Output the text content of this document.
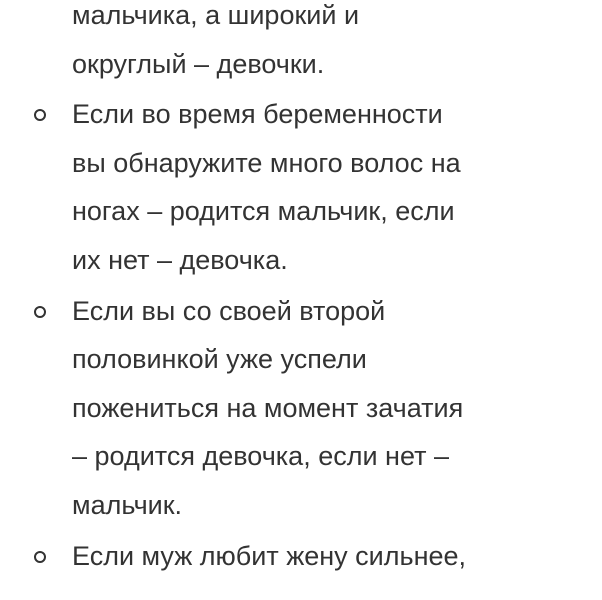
мальчика, а широкий и
округлый – девочки.
Если во время беременности
вы обнаружите много волос на
ногах – родится мальчик, если
их нет – девочка.
Если вы со своей второй
половинкой уже успели
пожениться на момент зачатия
– родится девочка, если нет –
мальчик.
Если муж любит жену сильнее,
